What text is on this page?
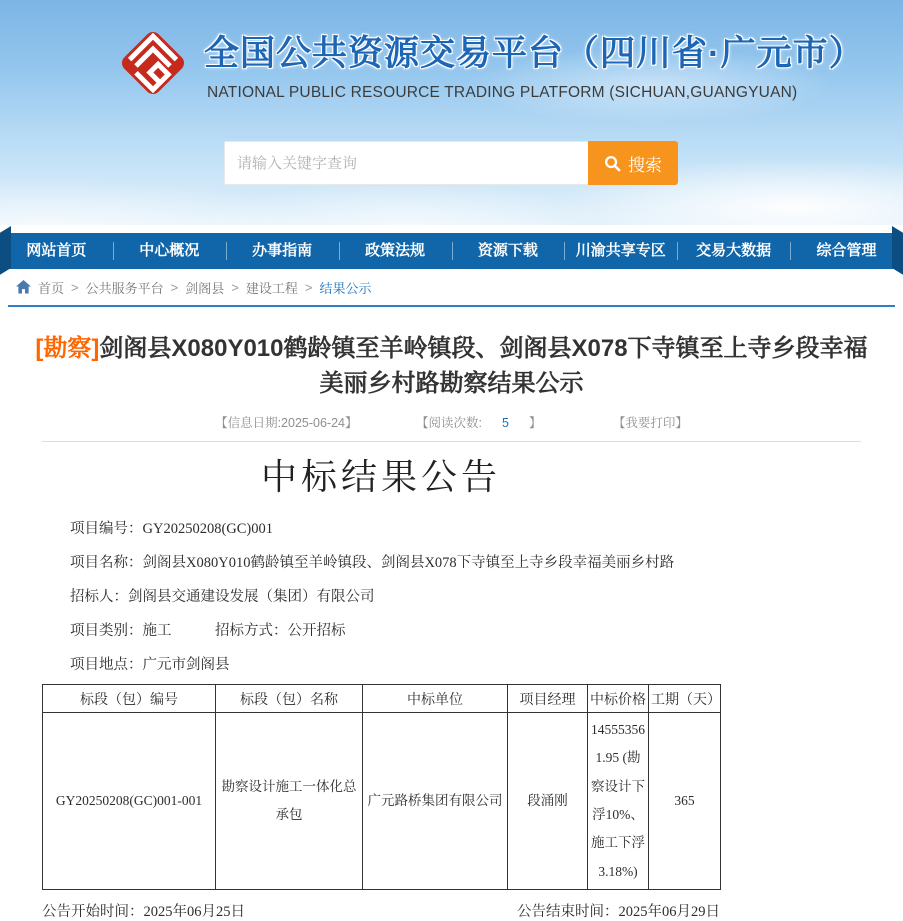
全国公共资源交易平台（四川省·广元市）
NATIONAL PUBLIC RESOURCE TRADING PLATFORM (SICHUAN,GUANGYUAN)
请输入关键字查询
搜索
网站首页	中心概况	办事指南	政策法规	资源下载	川渝共享专区	交易大数据	综合管理
首页 > 公共服务平台 > 剑阁县 > 建设工程 > 结果公示
[勘察]剑阁县X080Y010鹤龄镇至羊岭镇段、剑阁县X078下寺镇至上寺乡段幸福美丽乡村路勘察结果公示
【信息日期:2025-06-24】	【阅读次数: 5 】	【我要打印】
中标结果公告
项目编号：GY20250208(GC)001
项目名称：剑阁县X080Y010鹤龄镇至羊岭镇段、剑阁县X078下寺镇至上寺乡段幸福美丽乡村路
招标人：剑阁县交通建设发展（集团）有限公司
项目类别：施工　　　招标方式：公开招标
项目地点：广元市剑阁县
标段（包）编号	标段（包）名称	中标单位	项目经理	中标价格	工期（天）
GY20250208(GC)001-001	勘察设计施工一体化总承包	广元路桥集团有限公司	段涌刚	145553561.95 (勘察设计下浮10%、施工下浮3.18%)	365
公告开始时间：2025年06月25日	公告结束时间：2025年06月29日
